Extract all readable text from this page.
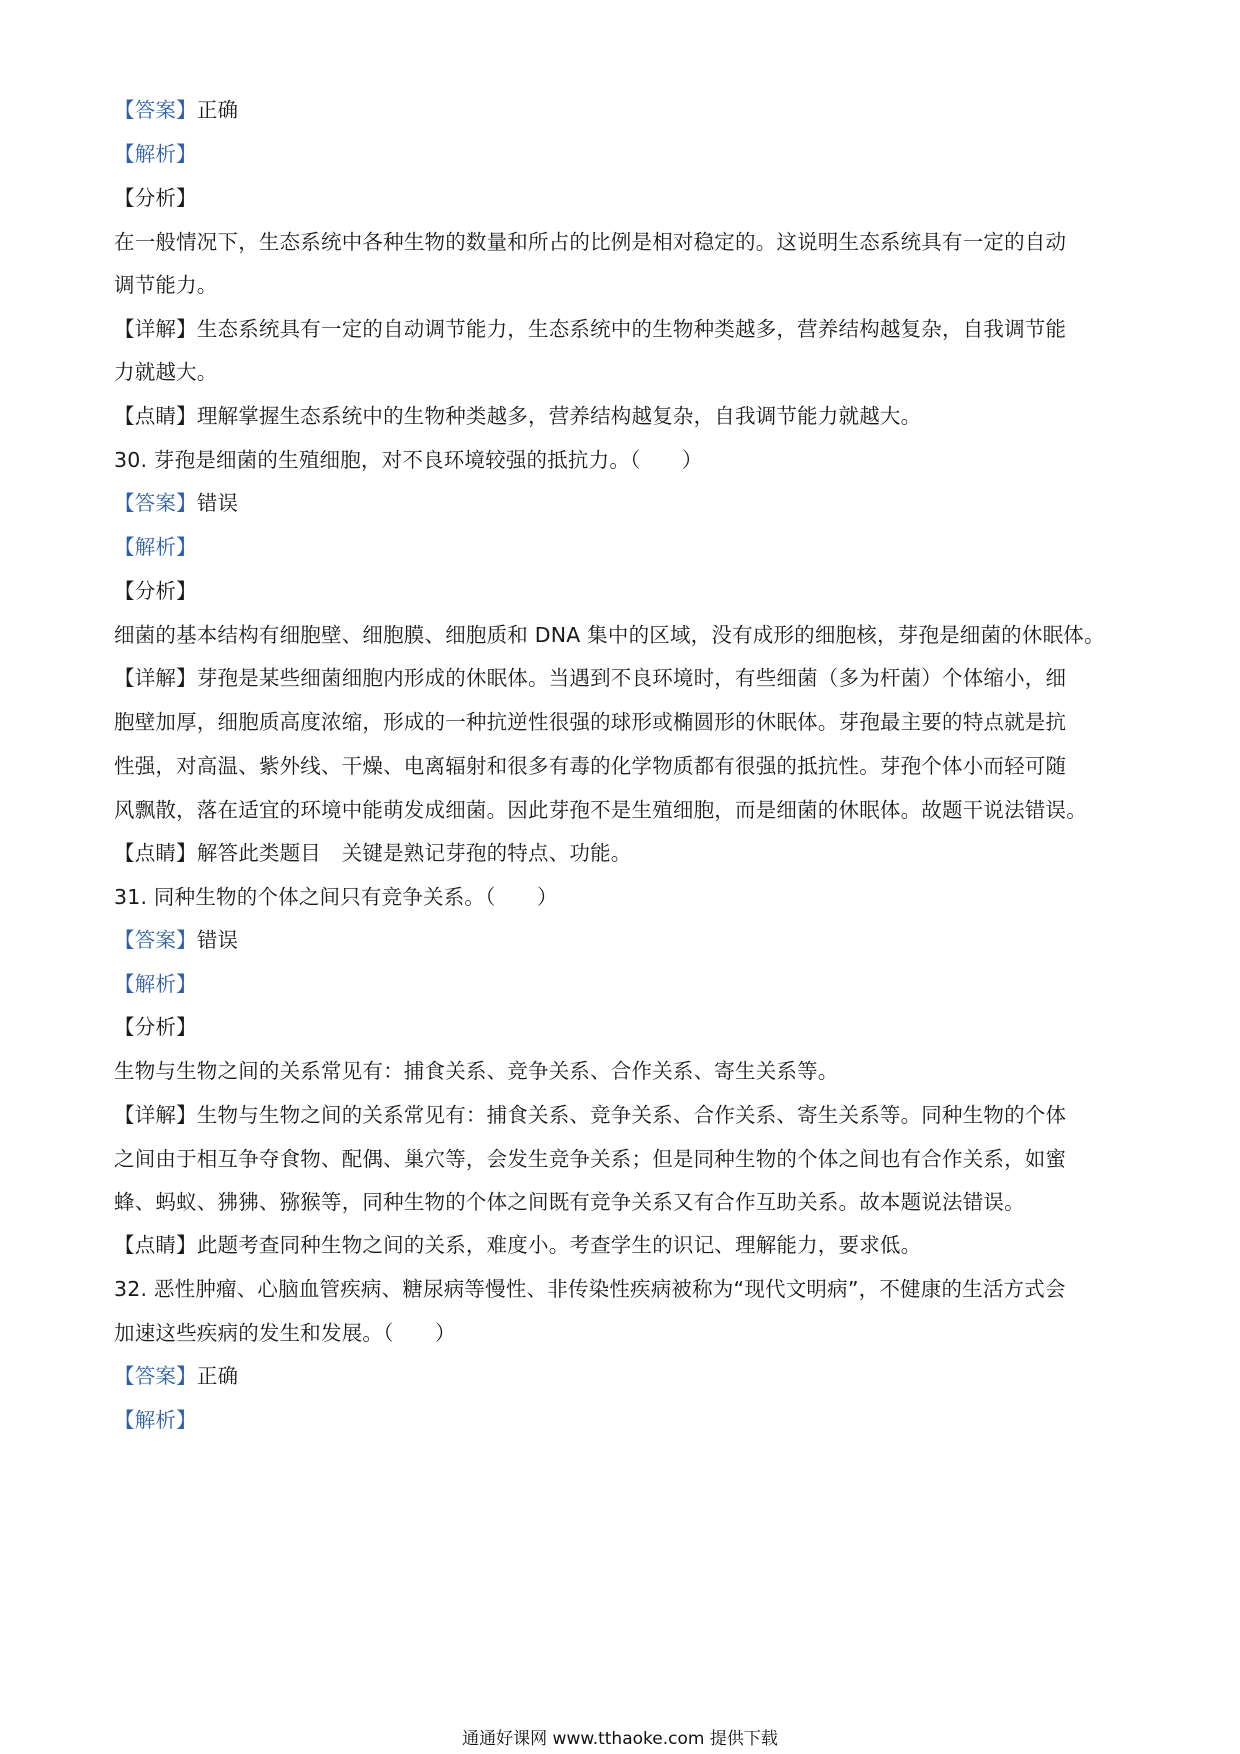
【答案】正确
【解析】
【分析】
在一般情况下，生态系统中各种生物的数量和所占的比例是相对稳定的。这说明生态系统具有一定的自动
调节能力。
【详解】生态系统具有一定的自动调节能力，生态系统中的生物种类越多，营养结构越复杂，自我调节能
力就越大。
【点睛】理解掌握生态系统中的生物种类越多，营养结构越复杂，自我调节能力就越大。
30. 芽孢是细菌的生殖细胞，对不良环境较强的抵抗力。（　　）
【答案】错误
【解析】
【分析】
细菌的基本结构有细胞壁、细胞膜、细胞质和 DNA 集中的区域，没有成形的细胞核，芽孢是细菌的休眠体。
【详解】芽孢是某些细菌细胞内形成的休眠体。当遇到不良环境时，有些细菌（多为杆菌）个体缩小，细
胞壁加厚，细胞质高度浓缩，形成的一种抗逆性很强的球形或椭圆形的休眠体。芽孢最主要的特点就是抗
性强，对高温、紫外线、干燥、电离辐射和很多有毒的化学物质都有很强的抵抗性。芽孢个体小而轻可随
风飘散，落在适宜的环境中能萌发成细菌。因此芽孢不是生殖细胞，而是细菌的休眠体。故题干说法错误。
【点睛】解答此类题目　关键是熟记芽孢的特点、功能。
31. 同种生物的个体之间只有竞争关系。（　　）
【答案】错误
【解析】
【分析】
生物与生物之间的关系常见有：捕食关系、竞争关系、合作关系、寄生关系等。
【详解】生物与生物之间的关系常见有：捕食关系、竞争关系、合作关系、寄生关系等。同种生物的个体
之间由于相互争夺食物、配偶、巢穴等，会发生竞争关系；但是同种生物的个体之间也有合作关系，如蜜
蜂、蚂蚁、狒狒、猕猴等，同种生物的个体之间既有竞争关系又有合作互助关系。故本题说法错误。
【点睛】此题考查同种生物之间的关系，难度小。考查学生的识记、理解能力，要求低。
32. 恶性肿瘤、心脑血管疾病、糖尿病等慢性、非传染性疾病被称为“现代文明病”，不健康的生活方式会
加速这些疾病的发生和发展。（　　）
【答案】正确
【解析】
通通好课网 www.tthaoke.com 提供下载
